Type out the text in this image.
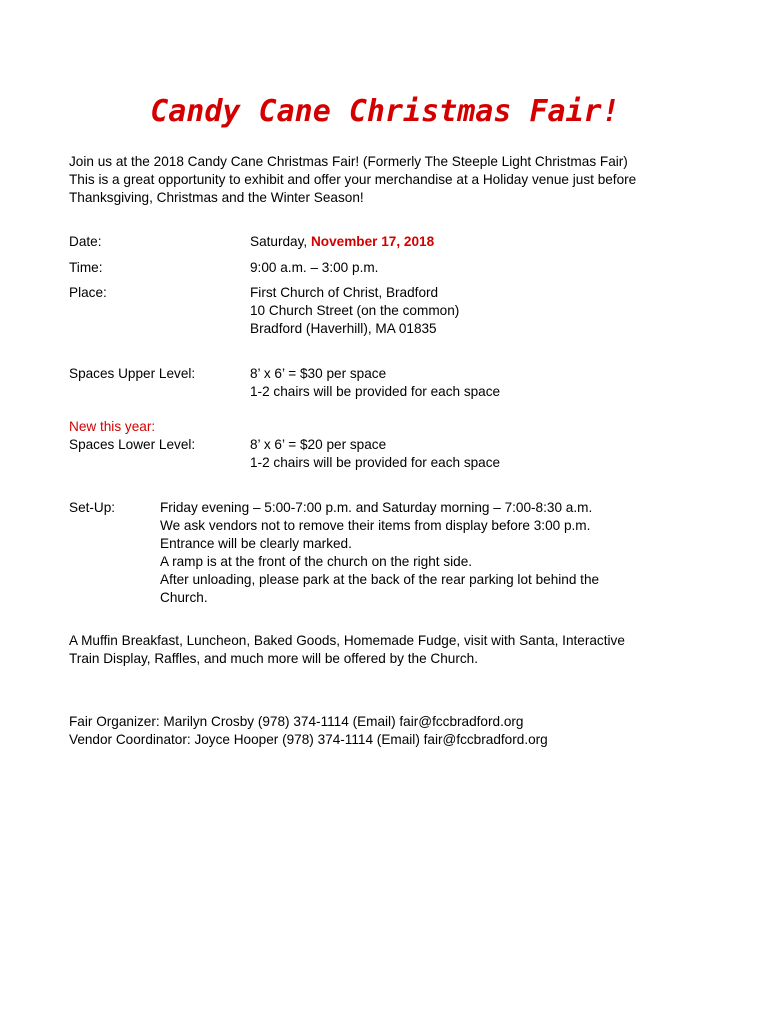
Candy Cane Christmas Fair!
Join us at the 2018 Candy Cane Christmas Fair! (Formerly The Steeple Light Christmas Fair)
This is a great opportunity to exhibit and offer your merchandise at a Holiday venue just before
Thanksgiving, Christmas and the Winter Season!
Date:	Saturday, November 17, 2018
Time:	9:00 a.m. – 3:00 p.m.
Place:	First Church of Christ, Bradford
10 Church Street (on the common)
Bradford (Haverhill), MA 01835
Spaces Upper Level:	8’ x 6’ = $30 per space
1-2 chairs will be provided for each space
New this year:
Spaces Lower Level:	8’ x 6’ = $20 per space
1-2 chairs will be provided for each space
Set-Up:	Friday evening – 5:00-7:00 p.m. and Saturday morning – 7:00-8:30 a.m.
We ask vendors not to remove their items from display before 3:00 p.m.
Entrance will be clearly marked.
A ramp is at the front of the church on the right side.
After unloading, please park at the back of the rear parking lot behind the
Church.
A Muffin Breakfast, Luncheon, Baked Goods, Homemade Fudge, visit with Santa, Interactive
Train Display, Raffles, and much more will be offered by the Church.
Fair Organizer: Marilyn Crosby (978) 374-1114 (Email) fair@fccbradford.org
Vendor Coordinator: Joyce Hooper (978) 374-1114 (Email) fair@fccbradford.org
